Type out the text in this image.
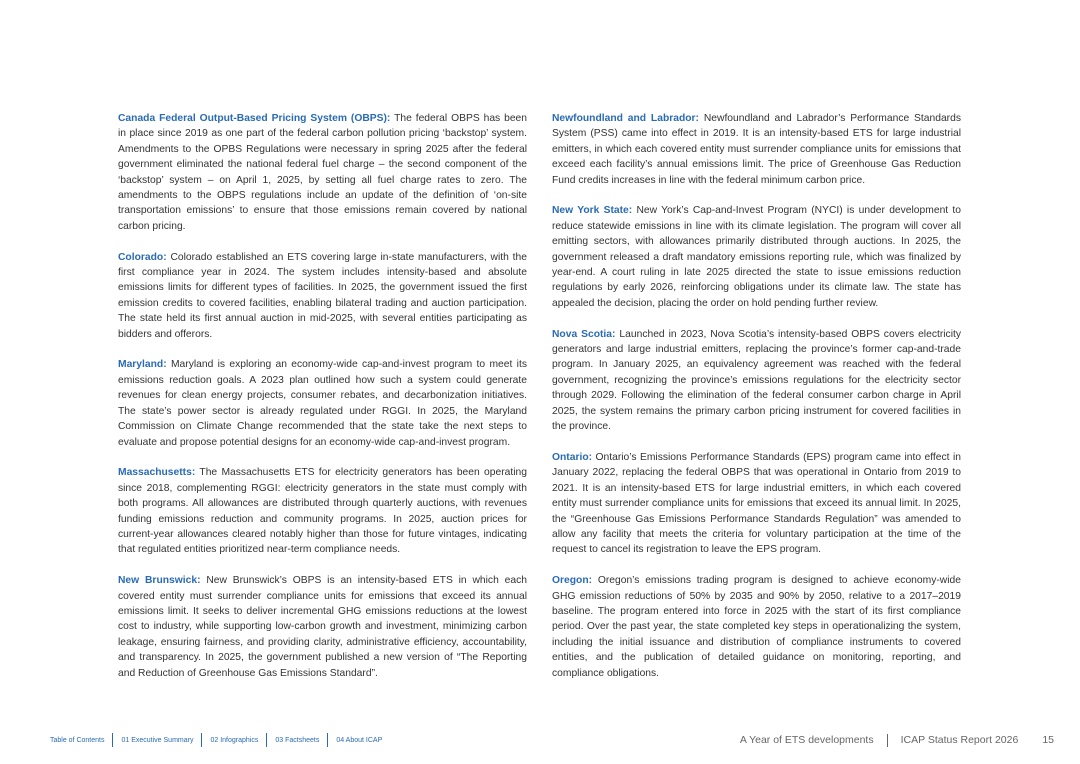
Canada Federal Output-Based Pricing System (OBPS): The federal OBPS has been in place since 2019 as one part of the federal carbon pollution pricing ‘backstop’ system. Amendments to the OPBS Regulations were necessary in spring 2025 after the federal government eliminated the national federal fuel charge – the second component of the ‘backstop’ system – on April 1, 2025, by setting all fuel charge rates to zero. The amendments to the OBPS regulations include an update of the definition of ‘on-site transportation emissions’ to ensure that those emissions remain covered by national carbon pricing.

Colorado: Colorado established an ETS covering large in-state manufacturers, with the first compliance year in 2024. The system includes intensity-based and absolute emissions limits for different types of facilities. In 2025, the government issued the first emission credits to covered facilities, enabling bilateral trading and auction participation. The state held its first annual auction in mid-2025, with several entities participating as bidders and offerors.

Maryland: Maryland is exploring an economy-wide cap-and-invest program to meet its emissions reduction goals. A 2023 plan outlined how such a system could generate revenues for clean energy projects, consumer rebates, and decarbonization initiatives. The state’s power sector is already regulated under RGGI. In 2025, the Maryland Commission on Climate Change recommended that the state take the next steps to evaluate and propose potential designs for an economy-wide cap-and-invest program.

Massachusetts: The Massachusetts ETS for electricity generators has been operating since 2018, complementing RGGI: electricity generators in the state must comply with both programs. All allowances are distributed through quarterly auctions, with revenues funding emissions reduction and community programs. In 2025, auction prices for current-year allowances cleared notably higher than those for future vintages, indicating that regulated entities prioritized near-term compliance needs.

New Brunswick: New Brunswick’s OBPS is an intensity-based ETS in which each covered entity must surrender compliance units for emissions that exceed its annual emissions limit. It seeks to deliver incremental GHG emissions reductions at the lowest cost to industry, while supporting low-carbon growth and investment, minimizing carbon leakage, ensuring fairness, and providing clarity, administrative efficiency, accountability, and transparency. In 2025, the government published a new version of “The Reporting and Reduction of Greenhouse Gas Emissions Standard”.

Newfoundland and Labrador: Newfoundland and Labrador’s Performance Standards System (PSS) came into effect in 2019. It is an intensity-based ETS for large industrial emitters, in which each covered entity must surrender compliance units for emissions that exceed each facility’s annual emissions limit. The price of Greenhouse Gas Reduction Fund credits increases in line with the federal minimum carbon price.

New York State: New York’s Cap-and-Invest Program (NYCI) is under development to reduce statewide emissions in line with its climate legislation. The program will cover all emitting sectors, with allowances primarily distributed through auctions. In 2025, the government released a draft mandatory emissions reporting rule, which was finalized by year-end. A court ruling in late 2025 directed the state to issue emissions reduction regulations by early 2026, reinforcing obligations under its climate law. The state has appealed the decision, placing the order on hold pending further review.

Nova Scotia: Launched in 2023, Nova Scotia’s intensity-based OBPS covers electricity generators and large industrial emitters, replacing the province’s former cap-and-trade program. In January 2025, an equivalency agreement was reached with the federal government, recognizing the province’s emissions regulations for the electricity sector through 2029. Following the elimination of the federal consumer carbon charge in April 2025, the system remains the primary carbon pricing instrument for covered facilities in the province.

Ontario: Ontario’s Emissions Performance Standards (EPS) program came into effect in January 2022, replacing the federal OBPS that was operational in Ontario from 2019 to 2021. It is an intensity-based ETS for large industrial emitters, in which each covered entity must surrender compliance units for emissions that exceed its annual limit. In 2025, the “Greenhouse Gas Emissions Performance Standards Regulation” was amended to allow any facility that meets the criteria for voluntary participation at the time of the request to cancel its registration to leave the EPS program.

Oregon: Oregon’s emissions trading program is designed to achieve economy-wide GHG emission reductions of 50% by 2035 and 90% by 2050, relative to a 2017–2019 baseline. The program entered into force in 2025 with the start of its first compliance period. Over the past year, the state completed key steps in operationalizing the system, including the initial issuance and distribution of compliance instruments to covered entities, and the publication of detailed guidance on monitoring, reporting, and compliance obligations.

Table of Contents 01 Executive Summary 02 Infographics 03 Factsheets 04 About ICAP	A Year of ETS developments	ICAP Status Report 2026 15
